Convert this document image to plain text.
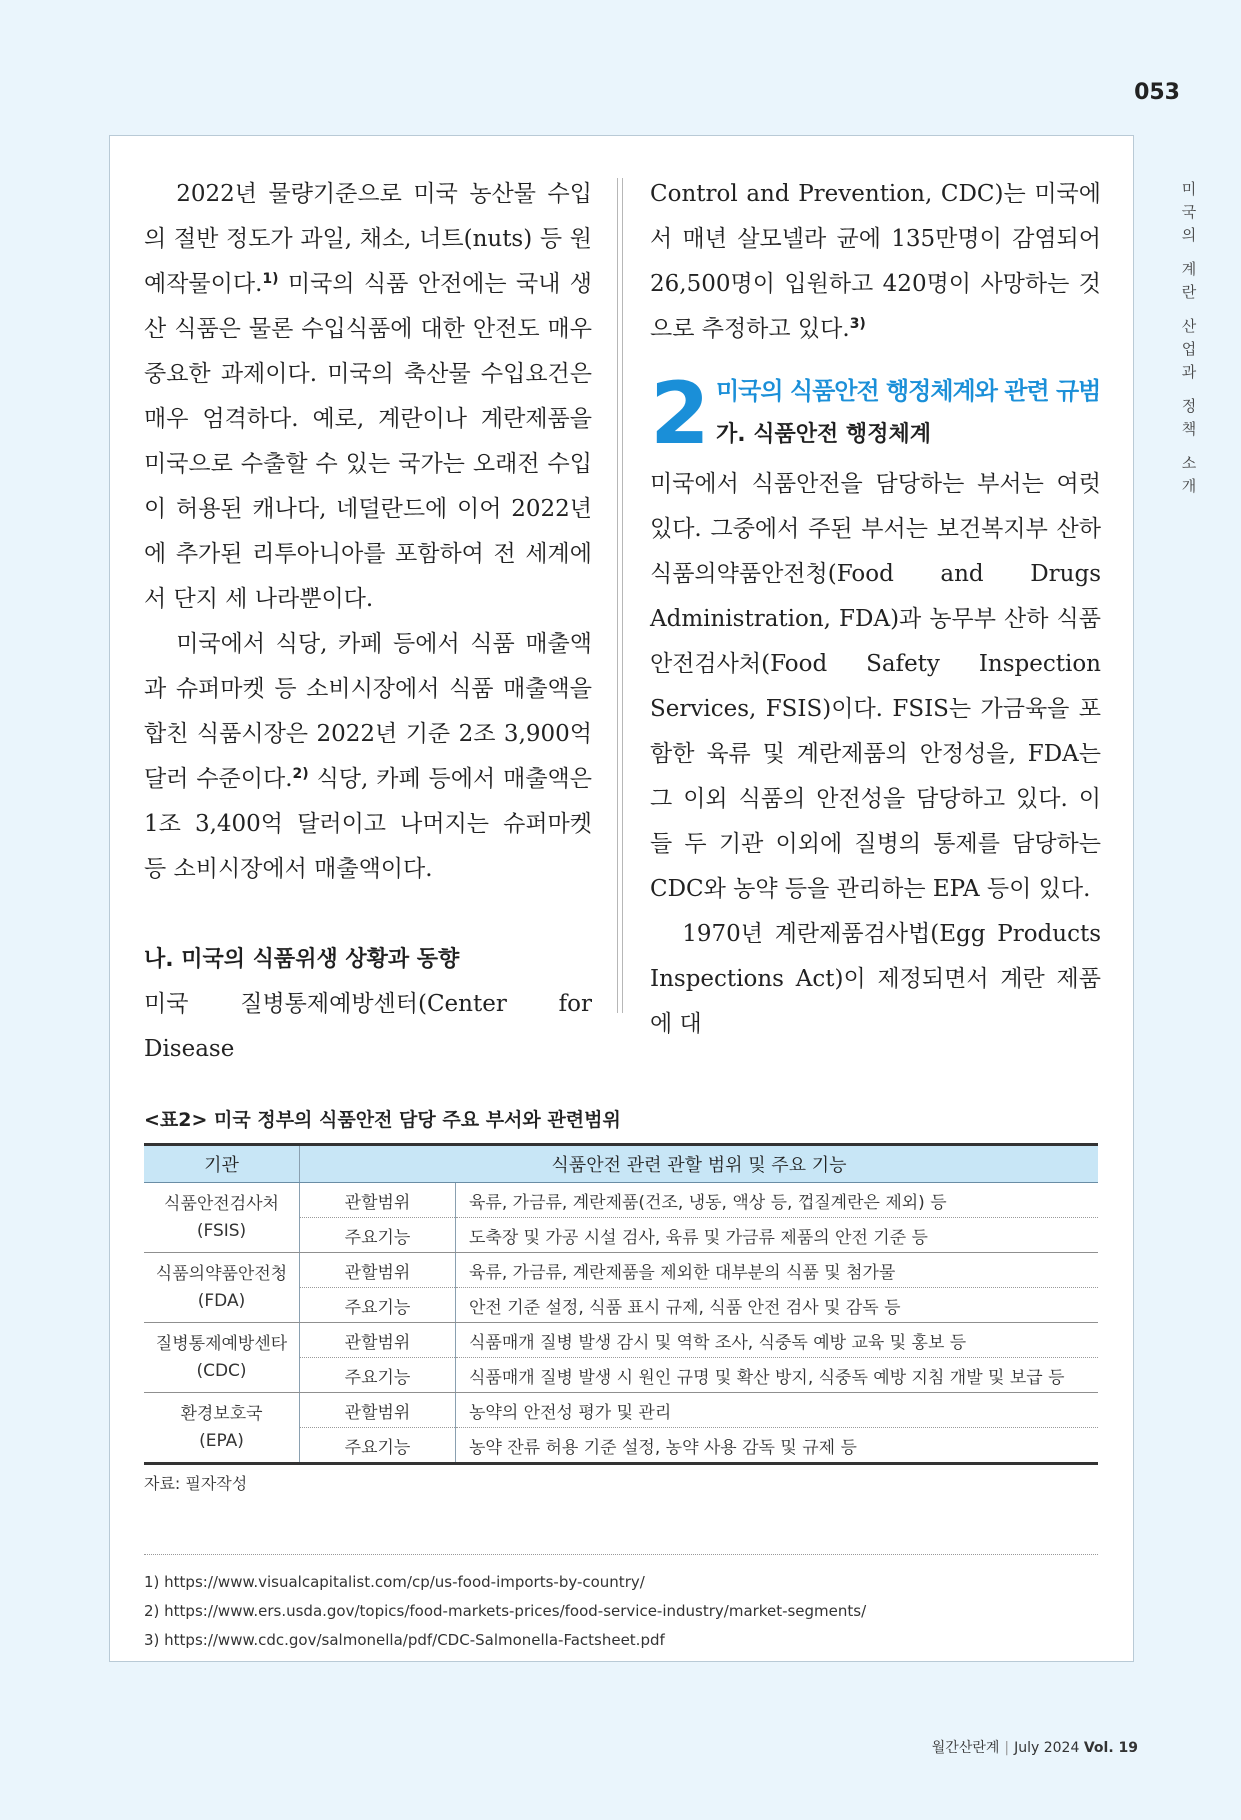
053
미
국
의
계
란
산
업
과
정
책
소
개

2022년 물량기준으로 미국 농산물 수입의 절반 정도가 과일, 채소, 너트(nuts) 등 원예작물이다.$^{1)}$ 미국의 식품 안전에는 국내 생산 식품은 물론 수입식품에 대한 안전도 매우 중요한 과제이다. 미국의 축산물 수입요건은 매우 엄격하다. 예로, 계란이나 계란제품을 미국으로 수출할 수 있는 국가는 오래전 수입이 허용된 캐나다, 네덜란드에 이어 2022년에 추가된 리투아니아를 포함하여 전 세계에서 단지 세 나라뿐이다.

미국에서 식당, 카페 등에서 식품 매출액과 슈퍼마켓 등 소비시장에서 식품 매출액을 합친 식품시장은 2022년 기준 2조 3,900억 달러 수준이다.$^{2)}$ 식당, 카페 등에서 매출액은 1조 3,400억 달러이고 나머지는 슈퍼마켓 등 소비시장에서 매출액이다.

나. 미국의 식품위생 상황과 동향

미국 질병통제예방센터(Center for Disease

Control and Prevention, CDC)는 미국에서 매년 살모넬라 균에 135만명이 감염되어 26,500명이 입원하고 420명이 사망하는 것으로 추정하고 있다.$^{3)}$

2 미국의 식품안전 행정체계와 관련 규범
가. 식품안전 행정체계

미국에서 식품안전을 담당하는 부서는 여럿 있다. 그중에서 주된 부서는 보건복지부 산하 식품의약품안전청(Food and Drugs Administration, FDA)과 농무부 산하 식품안전검사처(Food Safety Inspection Services, FSIS)이다. FSIS는 가금육을 포함한 육류 및 계란제품의 안정성을, FDA는 그 이외 식품의 안전성을 담당하고 있다. 이들 두 기관 이외에 질병의 통제를 담당하는 CDC와 농약 등을 관리하는 EPA 등이 있다.

1970년 계란제품검사법(Egg Products Inspections Act)이 제정되면서 계란 제품에 대

<표2> 미국 정부의 식품안전 담당 주요 부서와 관련범위
기관	식품안전 관련 관할 범위 및 주요 기능	
식품안전검사처
(FSIS)	관할범위	육류, 가금류, 계란제품(건조, 냉동, 액상 등, 껍질계란은 제외) 등
	주요기능	도축장 및 가공 시설 검사, 육류 및 가금류 제품의 안전 기준 등
식품의약품안전청
(FDA)	관할범위	육류, 가금류, 계란제품을 제외한 대부분의 식품 및 첨가물
	주요기능	안전 기준 설정, 식품 표시 규제, 식품 안전 검사 및 감독 등
질병통제예방센타
(CDC)	관할범위	식품매개 질병 발생 감시 및 역학 조사, 식중독 예방 교육 및 홍보 등
	주요기능	식품매개 질병 발생 시 원인 규명 및 확산 방지, 식중독 예방 지침 개발 및 보급 등
환경보호국
(EPA)	관할범위	농약의 안전성 평가 및 관리
	주요기능	농약 잔류 허용 기준 설정, 농약 사용 감독 및 규제 등
자료: 필자작성
1) https://www.visualcapitalist.com/cp/us-food-imports-by-country/
2) https://www.ers.usda.gov/topics/food-markets-prices/food-service-industry/market-segments/
3) https://www.cdc.gov/salmonella/pdf/CDC-Salmonella-Factsheet.pdf
월간산란계 | July 2024 Vol. 19
